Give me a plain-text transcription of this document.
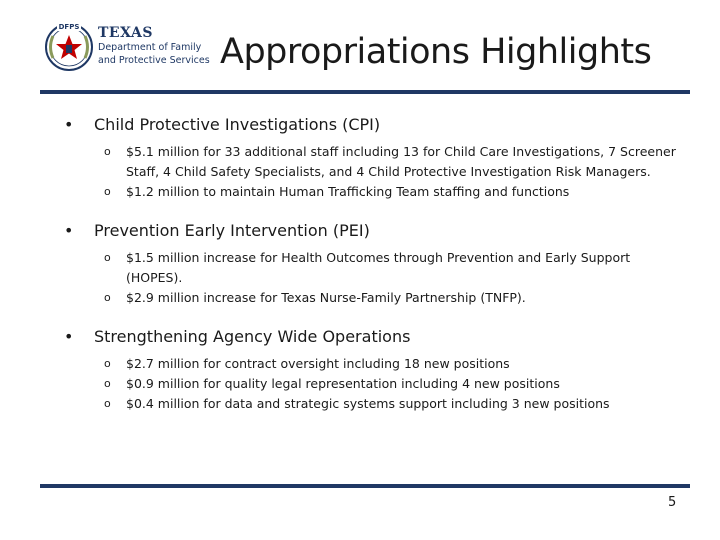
DFPS TEXAS
Department of Family
and Protective Services Appropriations Highlights
• Child Protective Investigations (CPI)
o $5.1 million for 33 additional staff including 13 for Child Care Investigations, 7 Screener Staff, 4 Child Safety Specialists, and 4 Child Protective Investigation Risk Managers.
o $1.2 million to maintain Human Trafficking Team staffing and functions
• Prevention Early Intervention (PEI)
o $1.5 million increase for Health Outcomes through Prevention and Early Support (HOPES).
o $2.9 million increase for Texas Nurse-Family Partnership (TNFP).
• Strengthening Agency Wide Operations
o $2.7 million for contract oversight including 18 new positions
o $0.9 million for quality legal representation including 4 new positions
o $0.4 million for data and strategic systems support including 3 new positions
5
